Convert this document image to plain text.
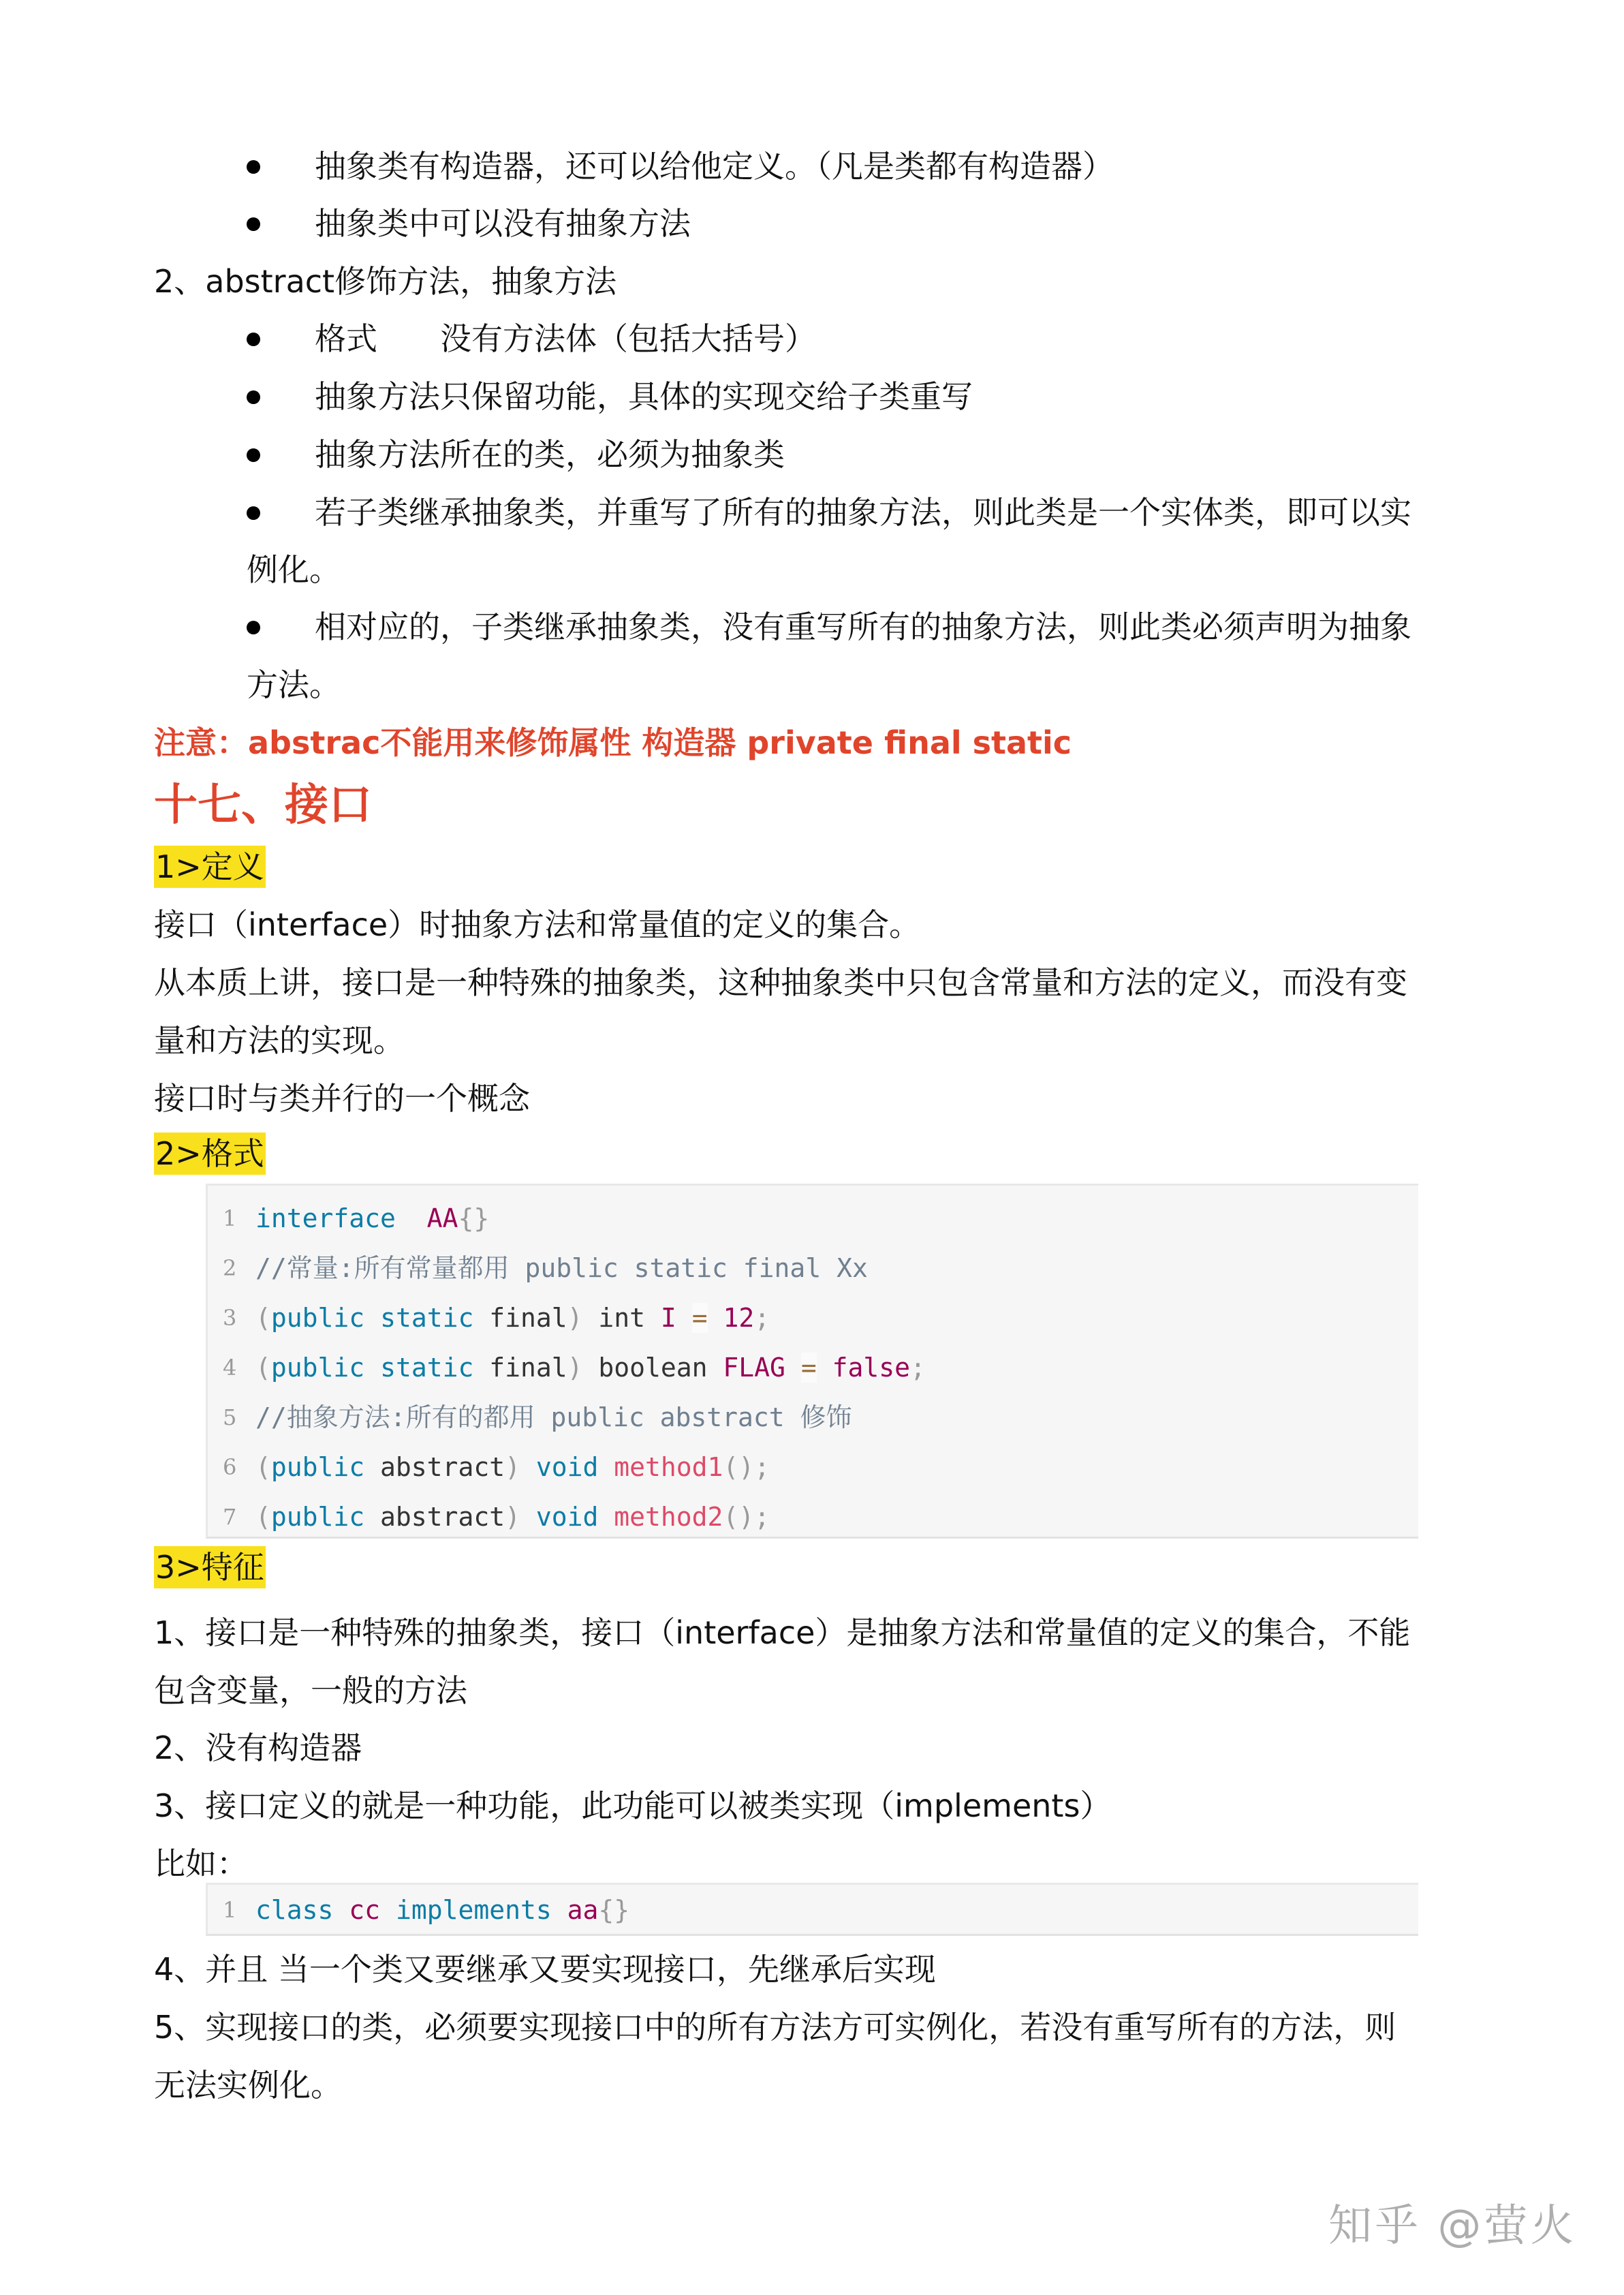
抽象类有构造器，还可以给他定义。（凡是类都有构造器）
抽象类中可以没有抽象方法
2、abstract修饰方法，抽象方法
格式　　没有方法体（包括大括号）
抽象方法只保留功能，具体的实现交给子类重写
抽象方法所在的类，必须为抽象类
若子类继承抽象类，并重写了所有的抽象方法，则此类是一个实体类，即可以实
例化。
相对应的，子类继承抽象类，没有重写所有的抽象方法，则此类必须声明为抽象
方法。
注意：abstrac不能用来修饰属性 构造器 private final static
十七、接口
1>定义
接口（interface）时抽象方法和常量值的定义的集合。
从本质上讲，接口是一种特殊的抽象类，这种抽象类中只包含常量和方法的定义，而没有变
量和方法的实现。
接口时与类并行的一个概念
2>格式
1 interface AA{}
2 //常量:所有常量都用 public static final Xx
3 (public static final) int I = 12;
4 (public static final) boolean FLAG = false;
5 //抽象方法:所有的都用 public abstract 修饰
6 (public abstract) void method1();
7 (public abstract) void method2();
3>特征
1、接口是一种特殊的抽象类，接口（interface）是抽象方法和常量值的定义的集合，不能
包含变量，一般的方法
2、没有构造器
3、接口定义的就是一种功能，此功能可以被类实现（implements）
比如：
1 class cc implements aa{}
4、并且 当一个类又要继承又要实现接口，先继承后实现
5、实现接口的类，必须要实现接口中的所有方法方可实例化，若没有重写所有的方法，则
无法实例化。
知乎 @萤火
